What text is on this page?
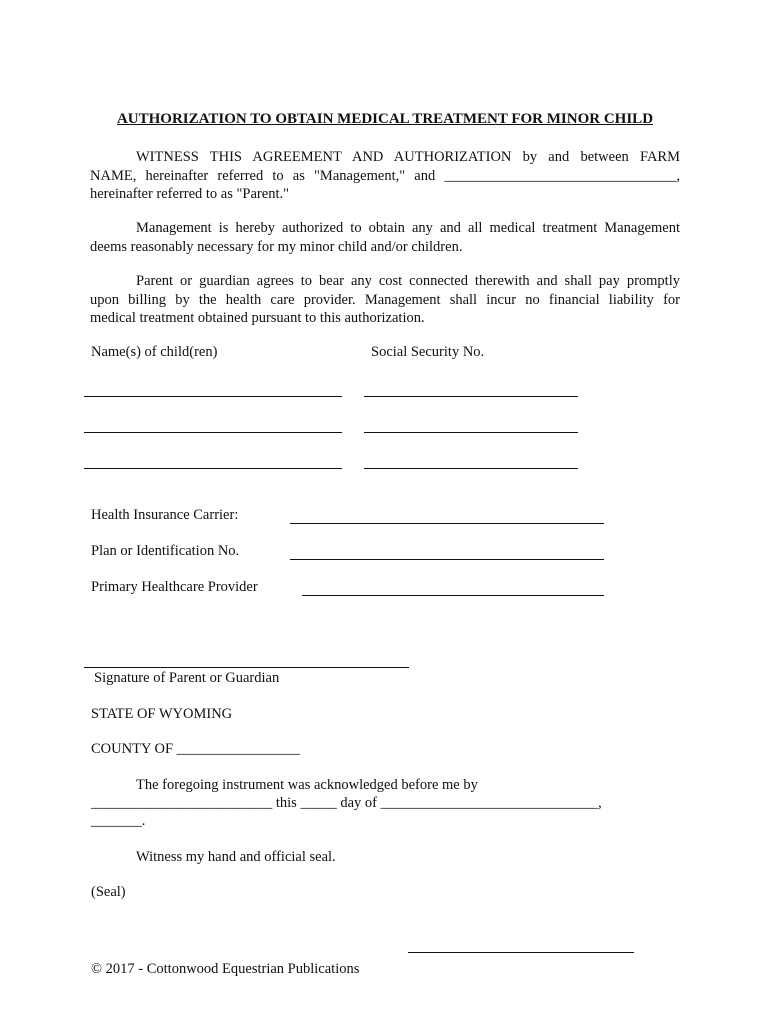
AUTHORIZATION TO OBTAIN MEDICAL TREATMENT FOR MINOR CHILD
WITNESS THIS AGREEMENT AND AUTHORIZATION by and between FARM
NAME, hereinafter referred to as "Management," and ________________________________,
hereinafter referred to as "Parent."
Management is hereby authorized to obtain any and all medical treatment Management
deems reasonably necessary for my minor child and/or children.
Parent or guardian agrees to bear any cost connected therewith and shall pay promptly
upon billing by the health care provider. Management shall incur no financial liability for
medical treatment obtained pursuant to this authorization.
Name(s) of child(ren)	Social Security No.
Health Insurance Carrier:
Plan or Identification No.
Primary Healthcare Provider
Signature of Parent or Guardian
STATE OF WYOMING
COUNTY OF _________________
The foregoing instrument was acknowledged before me by
_________________________ this _____ day of ______________________________,
_______.
Witness my hand and official seal.
(Seal)
© 2017 - Cottonwood Equestrian Publications
